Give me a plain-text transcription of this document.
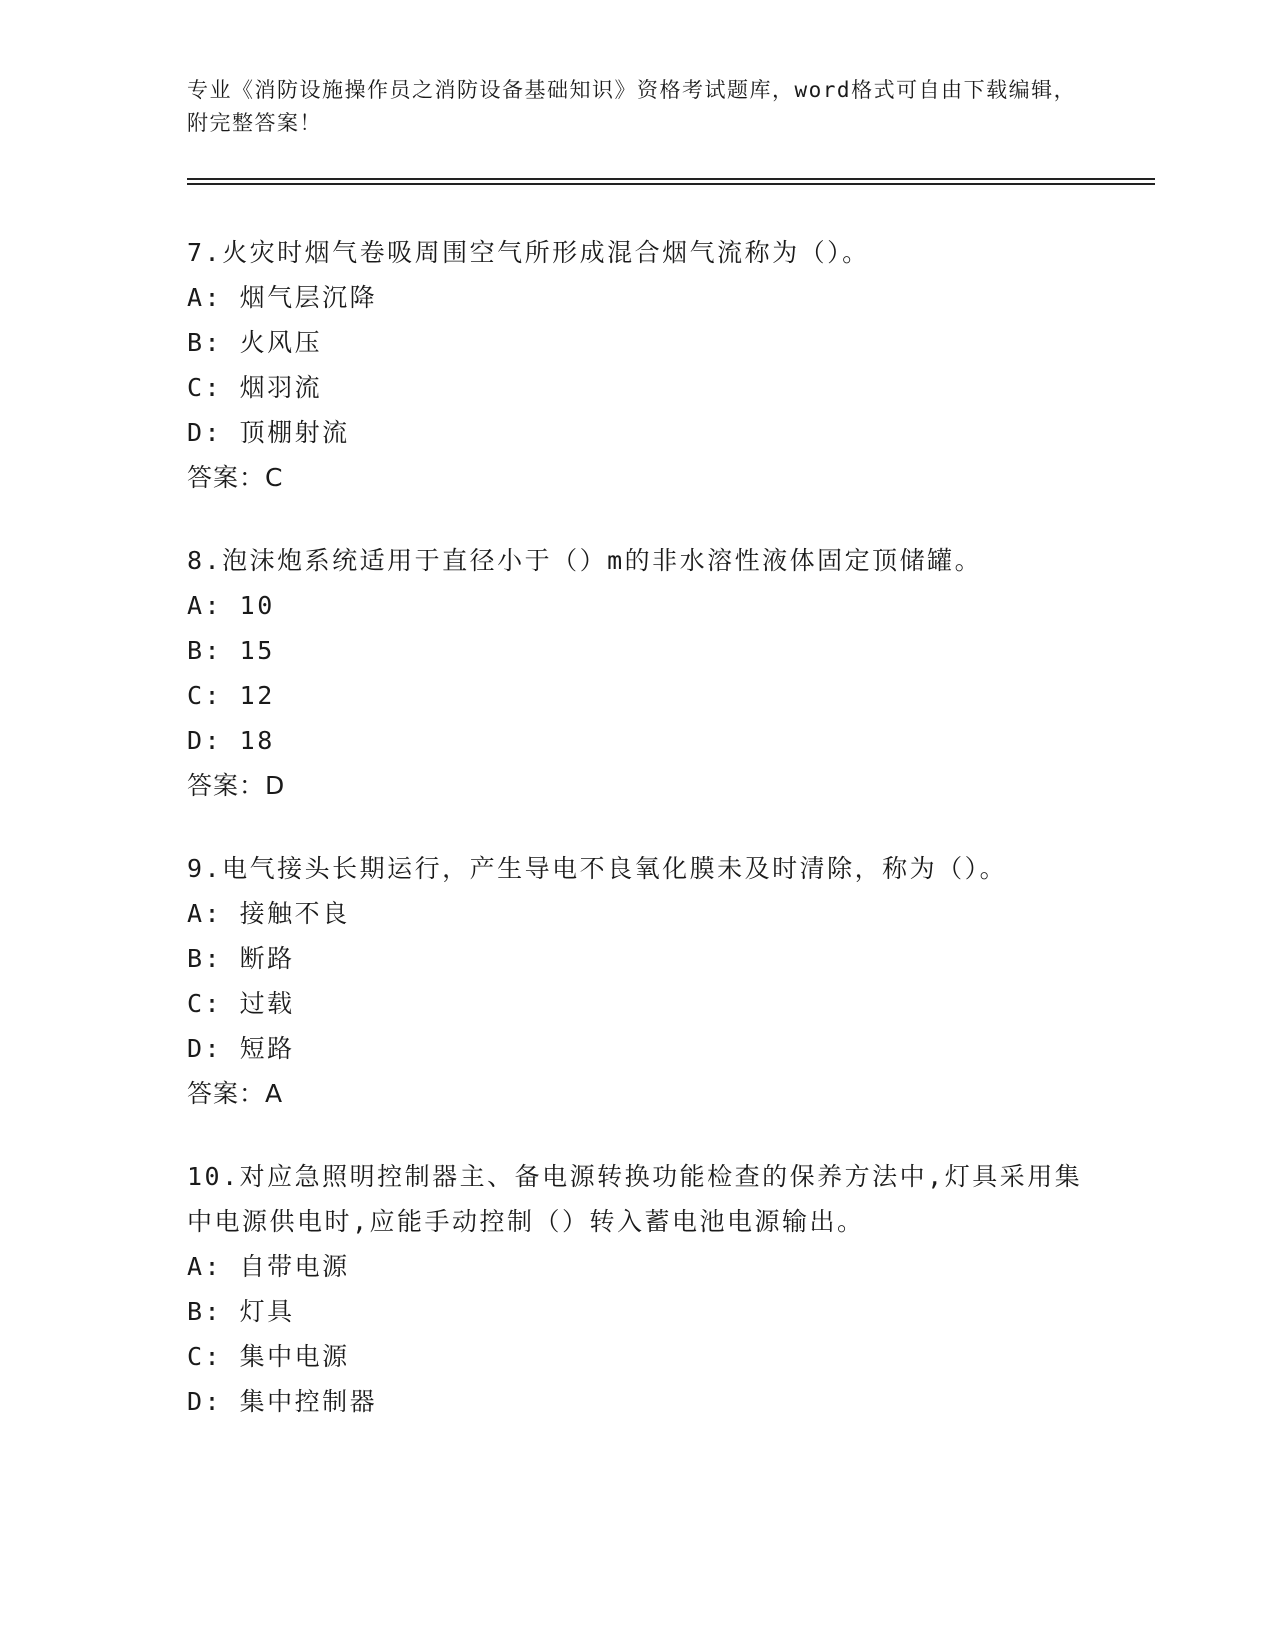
专业《消防设施操作员之消防设备基础知识》资格考试题库，word格式可自由下载编辑，附完整答案！
7.火灾时烟气卷吸周围空气所形成混合烟气流称为（）。
A: 烟气层沉降
B: 火风压
C: 烟羽流
D: 顶棚射流
答案：C
8.泡沫炮系统适用于直径小于（）m的非水溶性液体固定顶储罐。
A: 10
B: 15
C: 12
D: 18
答案：D
9.电气接头长期运行，产生导电不良氧化膜未及时清除，称为（）。
A: 接触不良
B: 断路
C: 过载
D: 短路
答案：A
10.对应急照明控制器主、备电源转换功能检查的保养方法中,灯具采用集中电源供电时,应能手动控制（）转入蓄电池电源输出。
A: 自带电源
B: 灯具
C: 集中电源
D: 集中控制器
